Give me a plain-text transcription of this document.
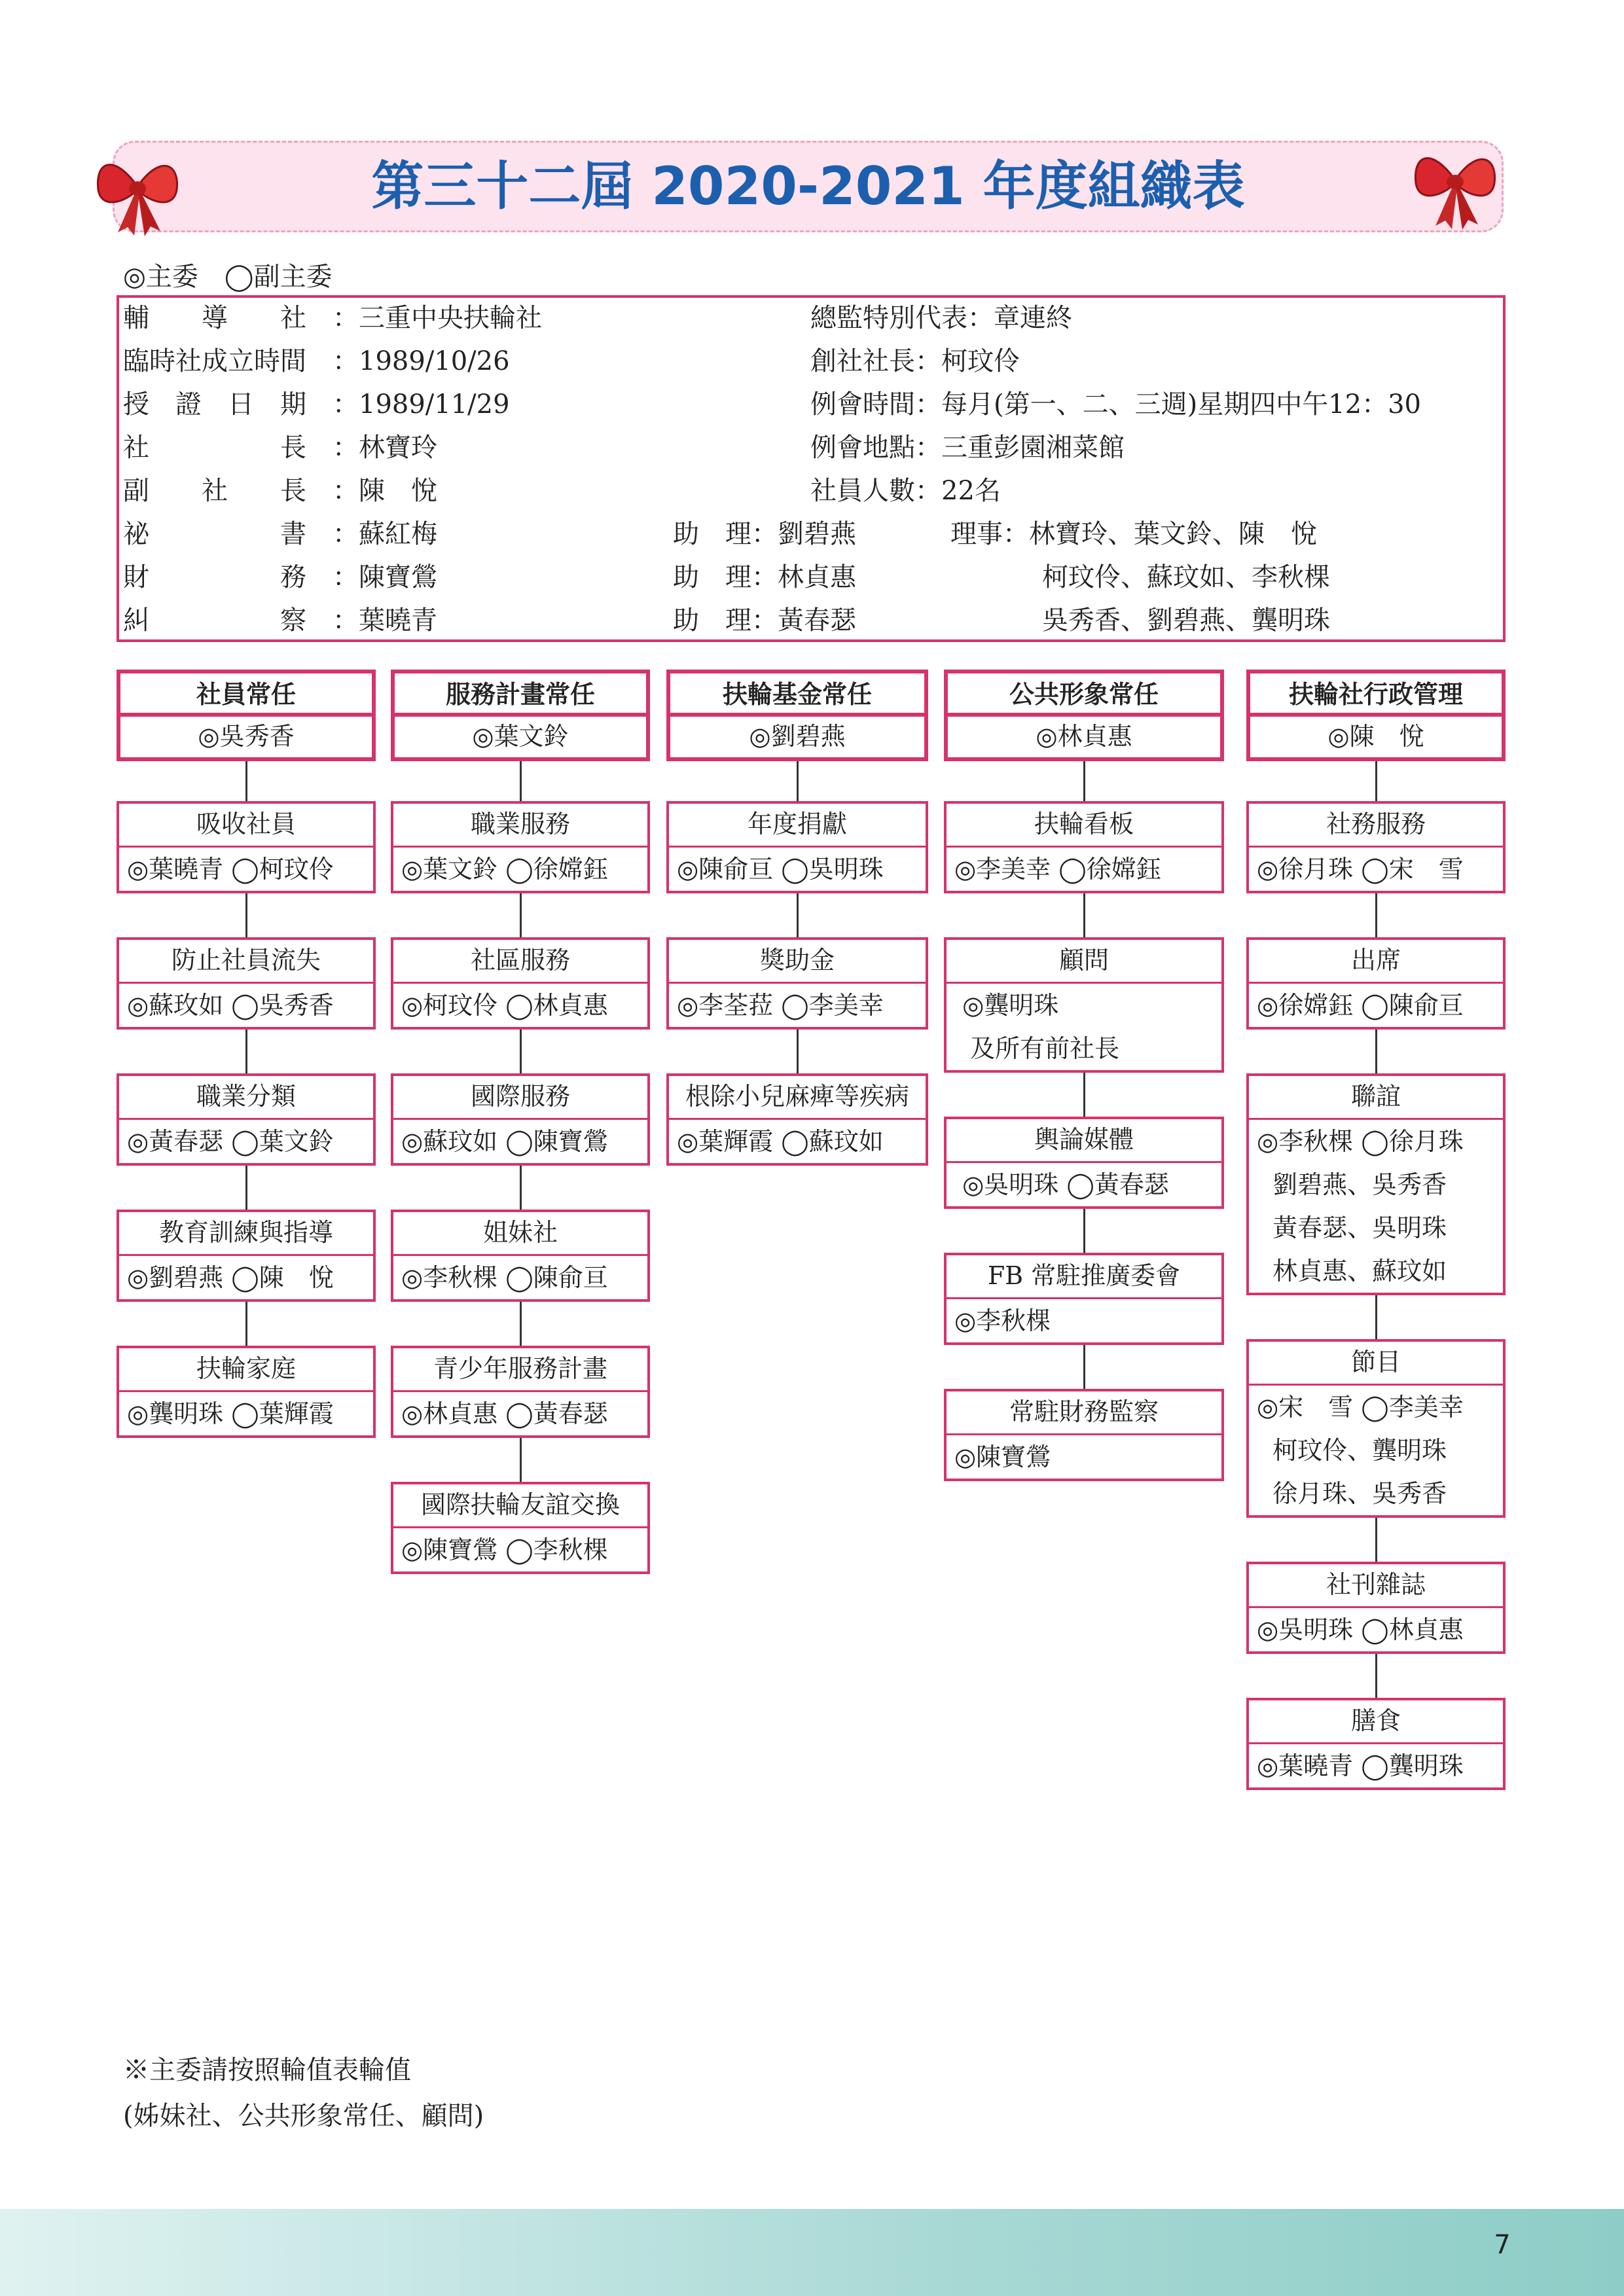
第三十二屆 2020-2021 年度組織表
◎主委　◯副主委
輔　　導　　社　：三重中央扶輪社
臨時社成立時間　：1989/10/26
授　證　日　期　：1989/11/29
社　　　　　長　：林寶玲
副　　社　　長　：陳　悅
祕　　　　　書　：蘇紅梅
財　　　　　務　：陳寶鶯
糾　　　　　察　：葉曉青
助　理：劉碧燕
助　理：林貞惠
助　理：黃春瑟
總監特別代表：章連終
創社社長：柯玟伶
例會時間：每月(第一、二、三週)星期四中午12：30
例會地點：三重彭園湘菜館
社員人數：22名
理事：林寶玲、葉文鈴、陳　悅
柯玟伶、蘇玟如、李秋棵
吳秀香、劉碧燕、龔明珠
社員常任
◎吳秀香
吸收社員
◎葉曉青 ◯柯玟伶
防止社員流失
◎蘇玫如 ◯吳秀香
職業分類
◎黃春瑟 ◯葉文鈴
教育訓練與指導
◎劉碧燕 ◯陳　悅
扶輪家庭
◎龔明珠 ◯葉輝霞
服務計畫常任
◎葉文鈴
職業服務
◎葉文鈴 ◯徐嫦鈺
社區服務
◎柯玟伶 ◯林貞惠
國際服務
◎蘇玟如 ◯陳寶鶯
姐妹社
◎李秋棵 ◯陳俞亘
青少年服務計畫
◎林貞惠 ◯黃春瑟
國際扶輪友誼交換
◎陳寶鶯 ◯李秋棵
扶輪基金常任
◎劉碧燕
年度捐獻
◎陳俞亘 ◯吳明珠
獎助金
◎李荃菈 ◯李美幸
根除小兒麻痺等疾病
◎葉輝霞 ◯蘇玟如
公共形象常任
◎林貞惠
扶輪看板
◎李美幸 ◯徐嫦鈺
顧問
◎龔明珠
及所有前社長
輿論媒體
◎吳明珠 ◯黃春瑟
FB 常駐推廣委會
◎李秋棵
常駐財務監察
◎陳寶鶯
扶輪社行政管理
◎陳　悅
社務服務
◎徐月珠 ◯宋　雪
出席
◎徐嫦鈺 ◯陳俞亘
聯誼
◎李秋棵 ◯徐月珠
劉碧燕、吳秀香
黃春瑟、吳明珠
林貞惠、蘇玟如
節目
◎宋　雪 ◯李美幸
柯玟伶、龔明珠
徐月珠、吳秀香
社刊雜誌
◎吳明珠 ◯林貞惠
膳食
◎葉曉青 ◯龔明珠
※主委請按照輪值表輪值
(姊妹社、公共形象常任、顧問)
7
